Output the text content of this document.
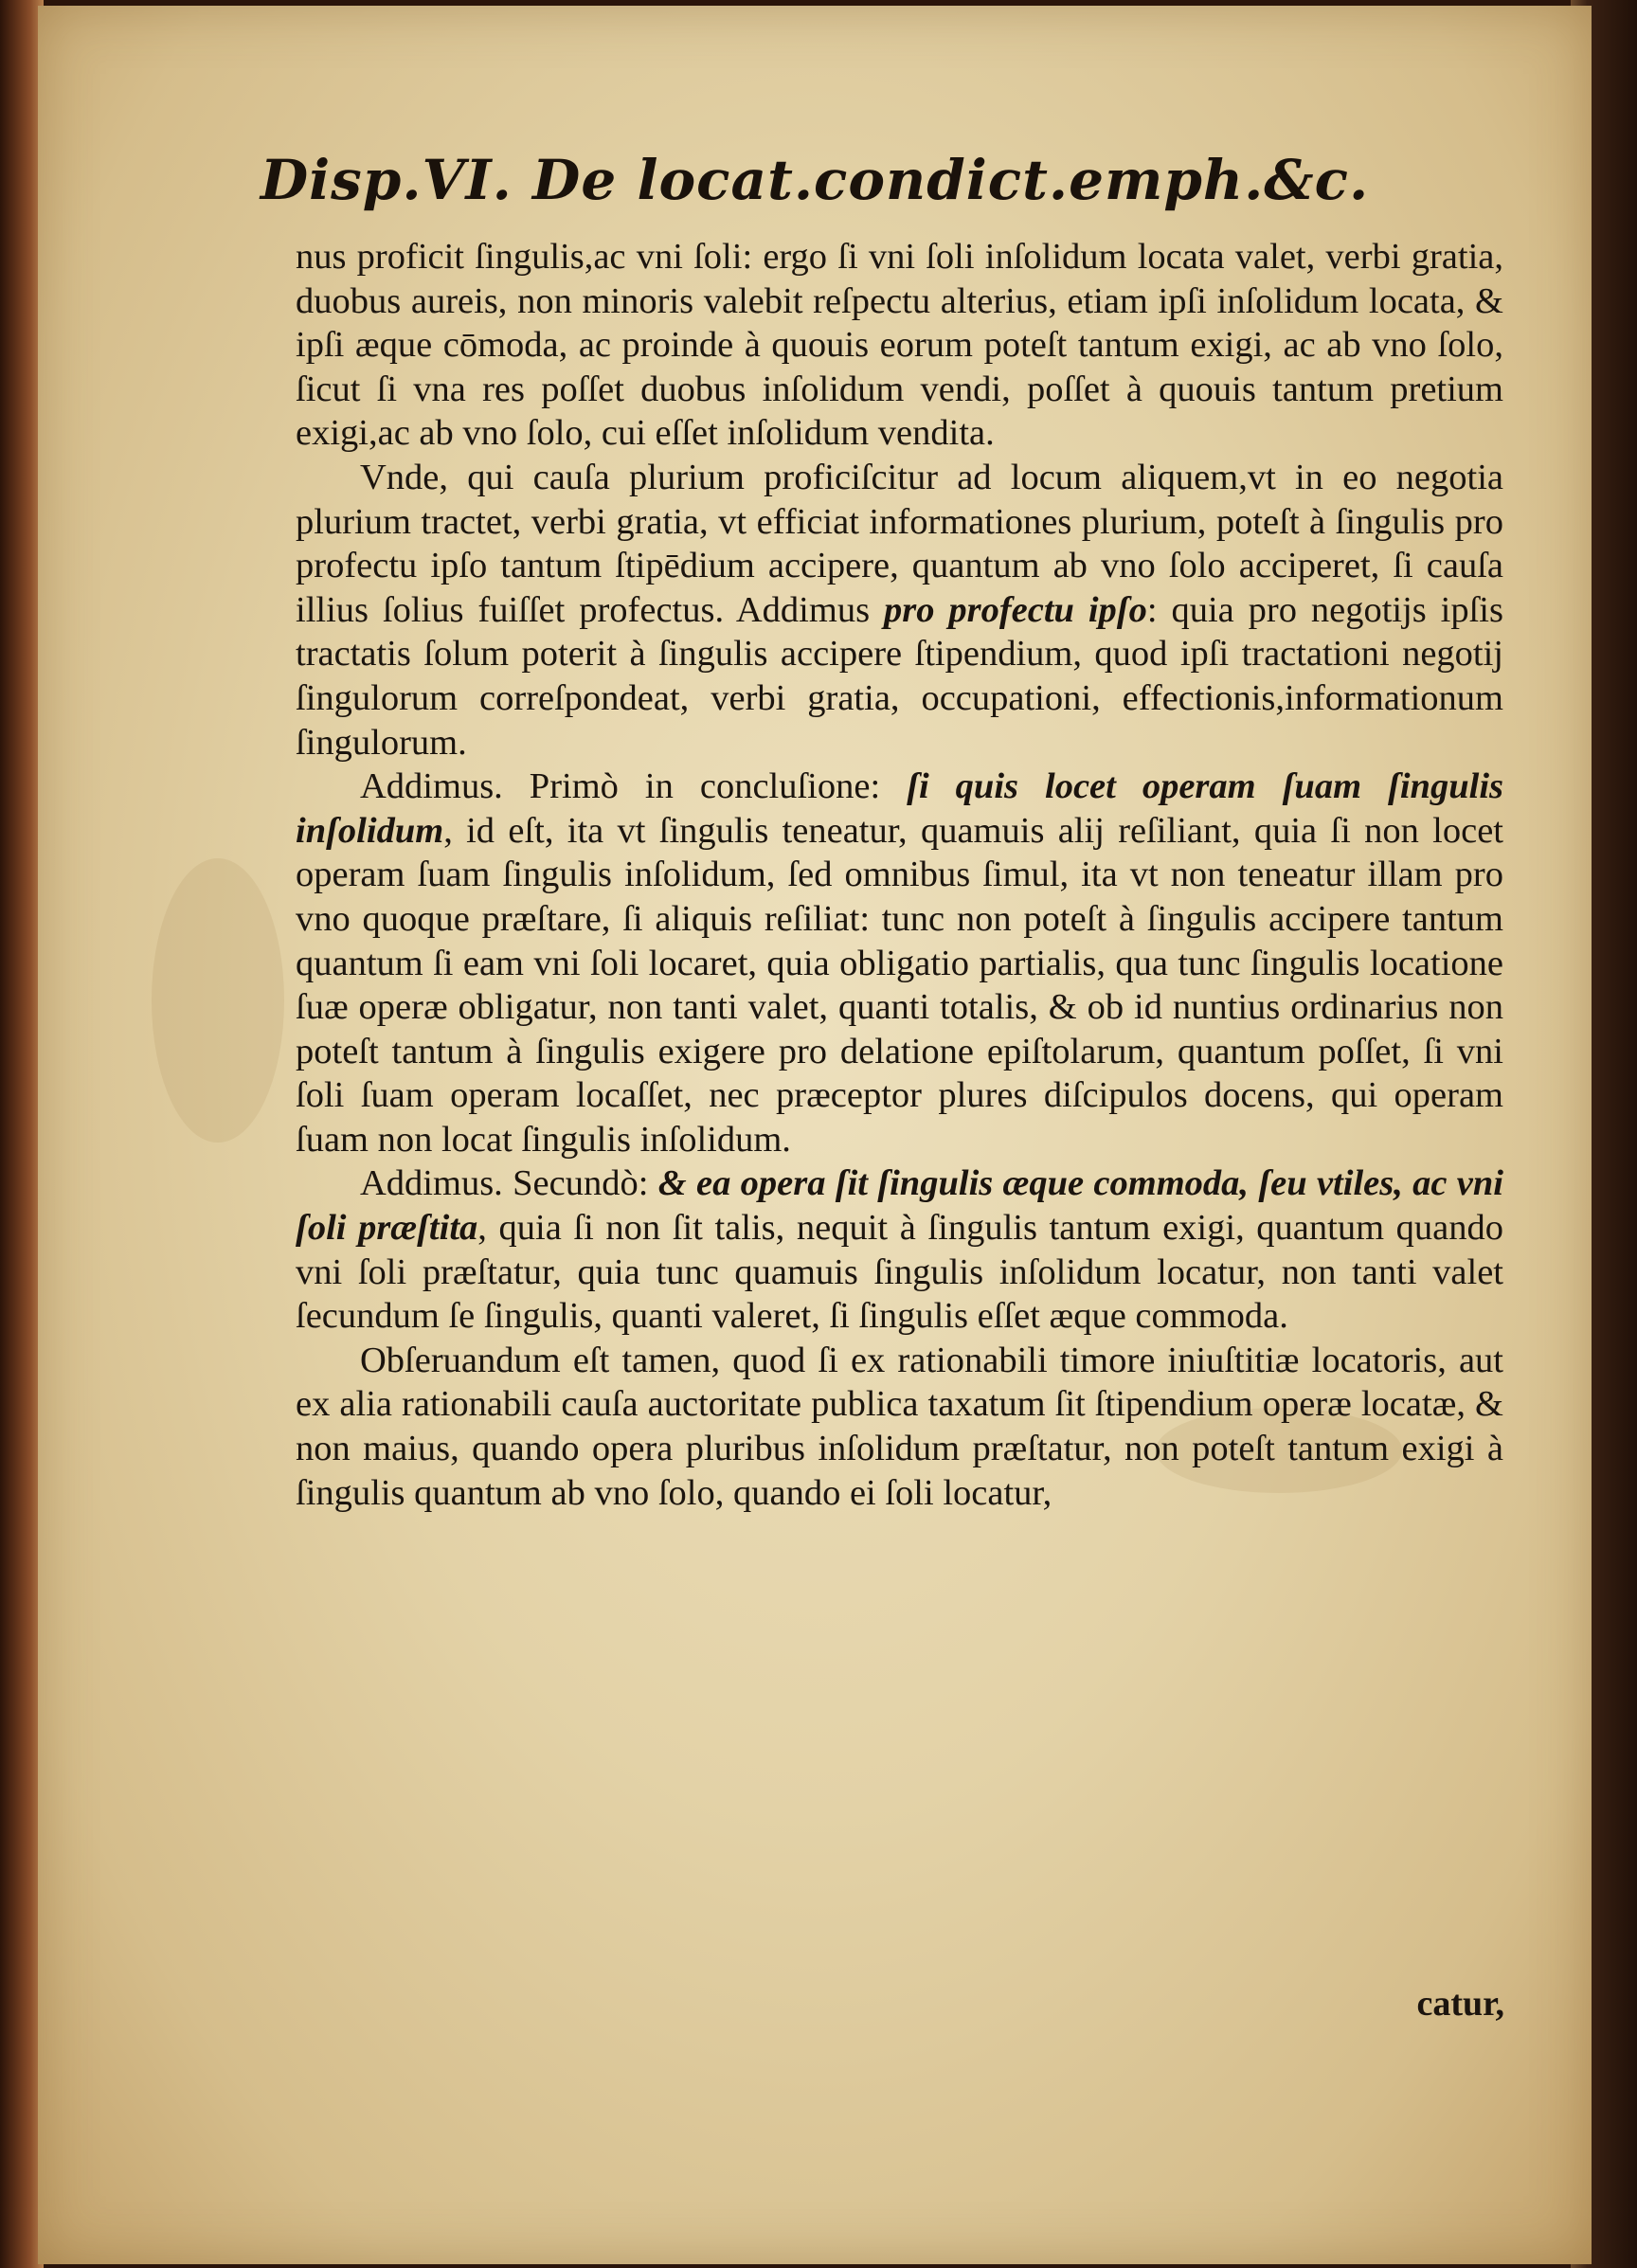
Disp.VI. De locat.condict.emph.&c.

nus proficit ſingulis,ac vni ſoli: ergo ſi vni ſoli inſolidum locata valet, verbi gratia, duobus aureis, non minoris valebit reſpectu alterius, etiam ipſi inſolidum locata, & ipſi æque cōmoda, ac proinde à quouis eorum poteſt tantum exigi, ac ab vno ſolo, ſicut ſi vna res poſſet duobus inſolidum vendi, poſſet à quouis tantum pretium exigi,ac ab vno ſolo, cui eſſet inſolidum vendita.

Vnde, qui cauſa plurium proficiſcitur ad locum aliquem,vt in eo negotia plurium tractet, verbi gratia, vt efficiat informationes plurium, poteſt à ſingulis pro profectu ipſo tantum ſtipēdium accipere, quantum ab vno ſolo acciperet, ſi cauſa illius ſolius fuiſſet profectus. Addimus pro profectu ipſo: quia pro negotijs ipſis tractatis ſolum poterit à ſingulis accipere ſtipendium, quod ipſi tractationi negotij ſingulorum correſpondeat, verbi gratia, occupationi, effectionis,informationum ſingulorum.

Addimus. Primò in concluſione: ſi quis locet operam ſuam ſingulis inſolidum, id eſt, ita vt ſingulis teneatur, quamuis alij reſiliant, quia ſi non locet operam ſuam ſingulis inſolidum, ſed omnibus ſimul, ita vt non teneatur illam pro vno quoque præſtare, ſi aliquis reſiliat: tunc non poteſt à ſingulis accipere tantum quantum ſi eam vni ſoli locaret, quia obligatio partialis, qua tunc ſingulis locatione ſuæ operæ obligatur, non tanti valet, quanti totalis, & ob id nuntius ordinarius non poteſt tantum à ſingulis exigere pro delatione epiſtolarum, quantum poſſet, ſi vni ſoli ſuam operam locaſſet, nec præceptor plures diſcipulos docens, qui operam ſuam non locat ſingulis inſolidum.

Addimus. Secundò: & ea opera ſit ſingulis æque commoda, ſeu vtiles, ac vni ſoli præſtita, quia ſi non ſit talis, nequit à ſingulis tantum exigi, quantum quando vni ſoli præſtatur, quia tunc quamuis ſingulis inſolidum locatur, non tanti valet ſecundum ſe ſingulis, quanti valeret, ſi ſingulis eſſet æque commoda.

Obſeruandum eſt tamen, quod ſi ex rationabili timore iniuſtitiæ locatoris, aut ex alia rationabili cauſa auctoritate publica taxatum ſit ſtipendium operæ locatæ, & non maius, quando opera pluribus inſolidum præſtatur, non poteſt tantum exigi à ſingulis quantum ab vno ſolo, quando ei ſoli locatur,

catur,
